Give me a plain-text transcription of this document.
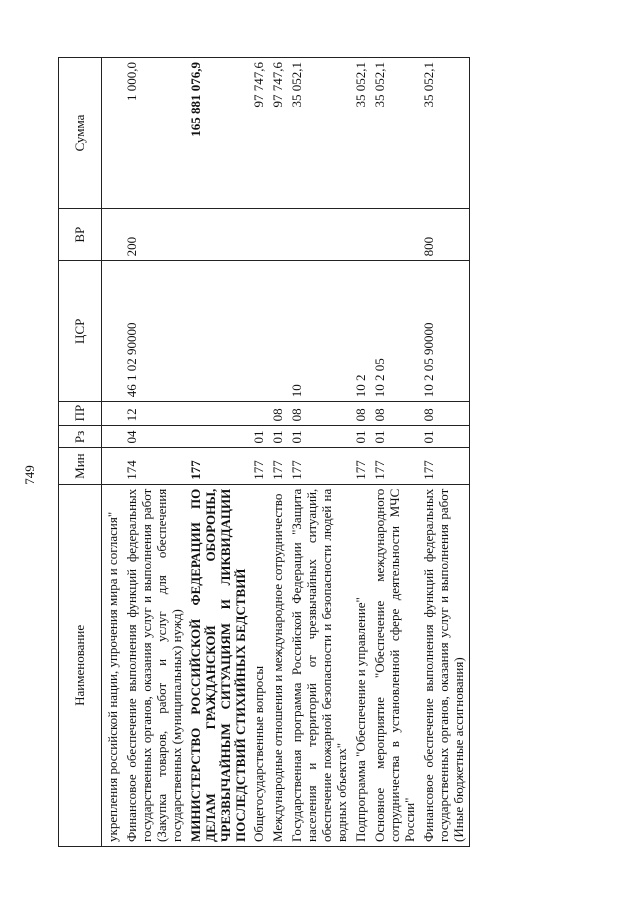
749
Наименование	Мин	Рз	ПР	ЦСР	ВР	Сумма
укрепления российской нации, упрочения мира и согласия"						
Финансовое обеспечение выполнения функций федеральных государственных органов, оказания услуг и выполнения работ (Закупка товаров, работ и услуг для обеспечения государственных (муниципальных) нужд)	174	04	12	46 1 02 90000	200	1 000,0
МИНИСТЕРСТВО РОССИЙСКОЙ ФЕДЕРАЦИИ ПО ДЕЛАМ ГРАЖДАНСКОЙ ОБОРОНЫ, ЧРЕЗВЫЧАЙНЫМ СИТУАЦИЯМ И ЛИКВИДАЦИИ ПОСЛЕДСТВИЙ СТИХИЙНЫХ БЕДСТВИЙ	177					165 881 076,9
Общегосударственные вопросы	177	01				97 747,6
Международные отношения и международное сотрудничество	177	01	08			97 747,6
Государственная программа Российской Федерации "Защита населения и территорий от чрезвычайных ситуаций, обеспечение пожарной безопасности и безопасности людей на водных объектах"	177	01	08	10		35 052,1
Подпрограмма "Обеспечение и управление"	177	01	08	10 2		35 052,1
Основное мероприятие "Обеспечение международного сотрудничества в установленной сфере деятельности МЧС России"	177	01	08	10 2 05		35 052,1
Финансовое обеспечение выполнения функций федеральных государственных органов, оказания услуг и выполнения работ (Иные бюджетные ассигнования)	177	01	08	10 2 05 90000	800	35 052,1
